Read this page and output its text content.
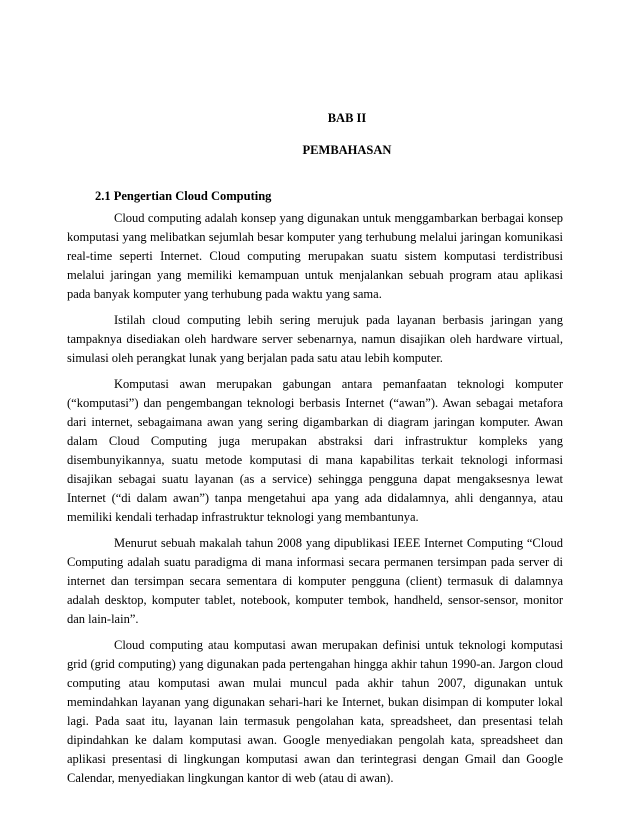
BAB II
PEMBAHASAN
2.1 Pengertian Cloud Computing

Cloud computing adalah konsep yang digunakan untuk menggambarkan berbagai konsep komputasi yang melibatkan sejumlah besar komputer yang terhubung melalui jaringan komunikasi real-time seperti Internet. Cloud computing merupakan suatu sistem komputasi terdistribusi melalui jaringan yang memiliki kemampuan untuk menjalankan sebuah program atau aplikasi pada banyak komputer yang terhubung pada waktu yang sama.

Istilah cloud computing lebih sering merujuk pada layanan berbasis jaringan yang tampaknya disediakan oleh hardware server sebenarnya, namun disajikan oleh hardware virtual, simulasi oleh perangkat lunak yang berjalan pada satu atau lebih komputer.

Komputasi awan merupakan gabungan antara pemanfaatan teknologi komputer (“komputasi”) dan pengembangan teknologi berbasis Internet (“awan”). Awan sebagai metafora dari internet, sebagaimana awan yang sering digambarkan di diagram jaringan komputer. Awan dalam Cloud Computing juga merupakan abstraksi dari infrastruktur kompleks yang disembunyikannya, suatu metode komputasi di mana kapabilitas terkait teknologi informasi disajikan sebagai suatu layanan (as a service) sehingga pengguna dapat mengaksesnya lewat Internet (“di dalam awan”) tanpa mengetahui apa yang ada didalamnya, ahli dengannya, atau memiliki kendali terhadap infrastruktur teknologi yang membantunya.

Menurut sebuah makalah tahun 2008 yang dipublikasi IEEE Internet Computing “Cloud Computing adalah suatu paradigma di mana informasi secara permanen tersimpan pada server di internet dan tersimpan secara sementara di komputer pengguna (client) termasuk di dalamnya adalah desktop, komputer tablet, notebook, komputer tembok, handheld, sensor-sensor, monitor dan lain-lain”.

Cloud computing atau komputasi awan merupakan definisi untuk teknologi komputasi grid (grid computing) yang digunakan pada pertengahan hingga akhir tahun 1990-an. Jargon cloud computing atau komputasi awan mulai muncul pada akhir tahun 2007, digunakan untuk memindahkan layanan yang digunakan sehari-hari ke Internet, bukan disimpan di komputer lokal lagi. Pada saat itu, layanan lain termasuk pengolahan kata, spreadsheet, dan presentasi telah dipindahkan ke dalam komputasi awan. Google menyediakan pengolah kata, spreadsheet dan aplikasi presentasi di lingkungan komputasi awan dan terintegrasi dengan Gmail dan Google Calendar, menyediakan lingkungan kantor di web (atau di awan).
